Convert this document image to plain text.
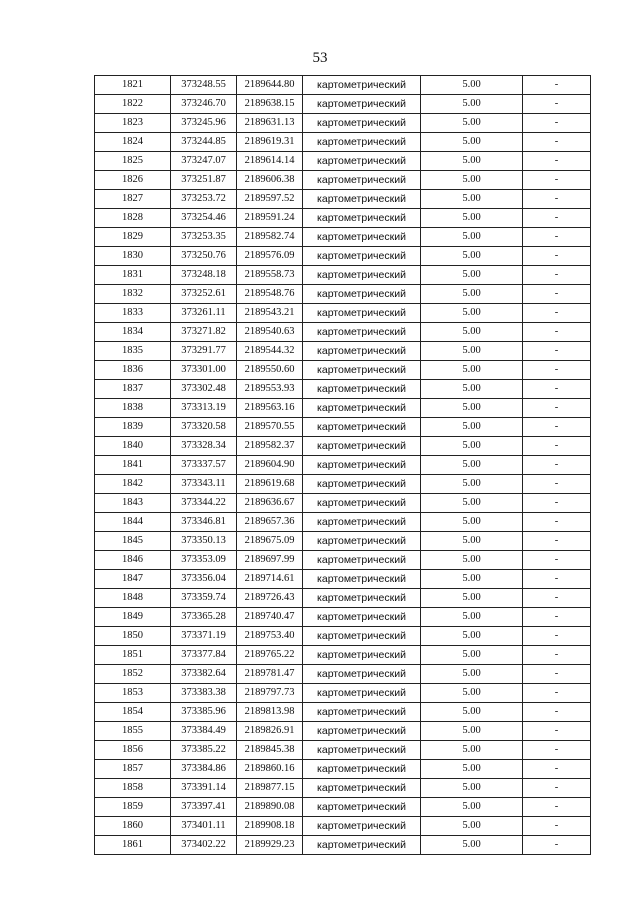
53
1821	373248.55	2189644.80	картометрический	5.00	-
1822	373246.70	2189638.15	картометрический	5.00	-
1823	373245.96	2189631.13	картометрический	5.00	-
1824	373244.85	2189619.31	картометрический	5.00	-
1825	373247.07	2189614.14	картометрический	5.00	-
1826	373251.87	2189606.38	картометрический	5.00	-
1827	373253.72	2189597.52	картометрический	5.00	-
1828	373254.46	2189591.24	картометрический	5.00	-
1829	373253.35	2189582.74	картометрический	5.00	-
1830	373250.76	2189576.09	картометрический	5.00	-
1831	373248.18	2189558.73	картометрический	5.00	-
1832	373252.61	2189548.76	картометрический	5.00	-
1833	373261.11	2189543.21	картометрический	5.00	-
1834	373271.82	2189540.63	картометрический	5.00	-
1835	373291.77	2189544.32	картометрический	5.00	-
1836	373301.00	2189550.60	картометрический	5.00	-
1837	373302.48	2189553.93	картометрический	5.00	-
1838	373313.19	2189563.16	картометрический	5.00	-
1839	373320.58	2189570.55	картометрический	5.00	-
1840	373328.34	2189582.37	картометрический	5.00	-
1841	373337.57	2189604.90	картометрический	5.00	-
1842	373343.11	2189619.68	картометрический	5.00	-
1843	373344.22	2189636.67	картометрический	5.00	-
1844	373346.81	2189657.36	картометрический	5.00	-
1845	373350.13	2189675.09	картометрический	5.00	-
1846	373353.09	2189697.99	картометрический	5.00	-
1847	373356.04	2189714.61	картометрический	5.00	-
1848	373359.74	2189726.43	картометрический	5.00	-
1849	373365.28	2189740.47	картометрический	5.00	-
1850	373371.19	2189753.40	картометрический	5.00	-
1851	373377.84	2189765.22	картометрический	5.00	-
1852	373382.64	2189781.47	картометрический	5.00	-
1853	373383.38	2189797.73	картометрический	5.00	-
1854	373385.96	2189813.98	картометрический	5.00	-
1855	373384.49	2189826.91	картометрический	5.00	-
1856	373385.22	2189845.38	картометрический	5.00	-
1857	373384.86	2189860.16	картометрический	5.00	-
1858	373391.14	2189877.15	картометрический	5.00	-
1859	373397.41	2189890.08	картометрический	5.00	-
1860	373401.11	2189908.18	картометрический	5.00	-
1861	373402.22	2189929.23	картометрический	5.00	-
